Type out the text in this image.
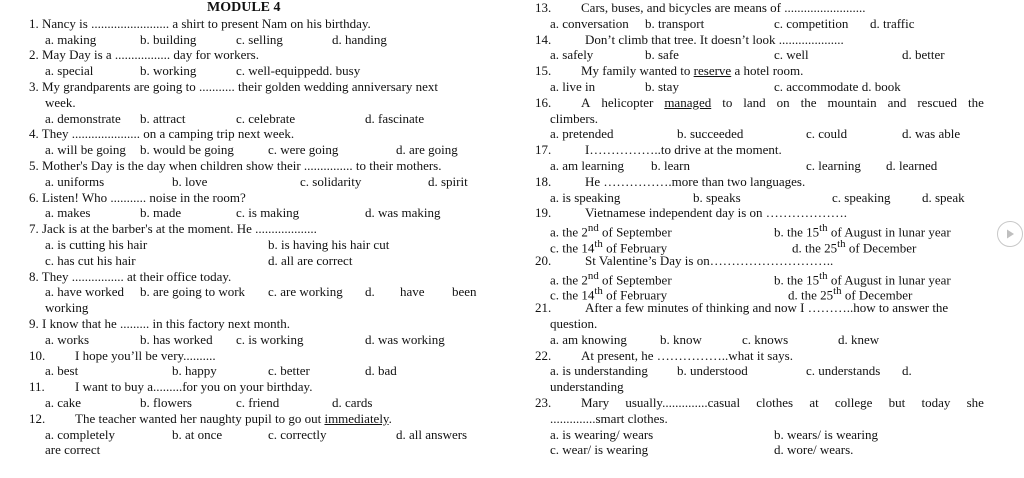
MODULE 4
1. Nancy is ........................ a shirt to present Nam on his birthday.
a. making	b. building	c. selling	d. handing
2. May Day is a ................. day for workers.
a. special	b. working	c. well-equippedd. busy
3. My grandparents are going to ........... their golden wedding anniversary next
week.
a. demonstrate b. attract	c. celebrate	d. fascinate
4. They ..................... on a camping trip next week.
a. will be going b. would be going	c. were going	d. are going
5. Mother's Day is the day when children show their ............... to their mothers.
a. uniforms	b. love	c. solidarity	d. spirit
6. Listen! Who ........... noise in the room?
a. makes	b. made	c. is making	d. was making
7. Jack is at the barber's at the moment. He ...................
a. is cutting his hair	b. is having his hair cut
c. has cut his hair	d. all are correct
8. They ................ at their office today.
a. have worked b. are going to work c. are working d. have been
working
9. I know that he ......... in this factory next month.
a. works	b. has worked c. is working	d. was working
10. I hope you’ll be very..........
a. best	b. happy	c. better	d. bad
11. I want to buy a.........for you on your birthday.
a. cake	b. flowers	c. friend	d. cards
12. The teacher wanted her naughty pupil to go out immediately.
a. completely	b. at once	c. correctly	d. all answers
are correct
13. Cars, buses, and bicycles are means of .........................
a. conversation b. transport	c. competition d. traffic
14.	Don’t climb that tree. It doesn’t look ....................
a. safely	b. safe	c. well	d. better
15. My family wanted to reserve a hotel room.
a. live in	b. stay	c. accommodate d. book
16. A helicopter managed to land on the mountain and rescued the
climbers.
a. pretended	b. succeeded	c. could	d. was able
17.	I……………..to drive at the moment.
a. am learning b. learn	c. learning d. learned
18.	He …………….more than two languages.
a. is speaking	b. speaks	c. speaking d. speak
19.	Vietnamese independent day is on ……………….
a. the 2nd of September	b. the 15th of August in lunar year
c. the 14th of February	d. the 25th of December
20.	St Valentine’s Day is on………………………..
a. the 2nd of September	b. the 15th of August in lunar year
c. the 14th of February	d. the 25th of December
21.	After a few minutes of thinking and now I ………..how to answer the
question.
a. am knowing	b. know	c. knows	d. knew
22. At present, he ……………..what it says.
a. is understanding b. understood	c. understands d.
understanding
23. Mary usually..............casual clothes at college but today she
..............smart clothes.
a. is wearing/ wears	b. wears/ is wearing
c. wear/ is wearing	d. wore/ wears.
